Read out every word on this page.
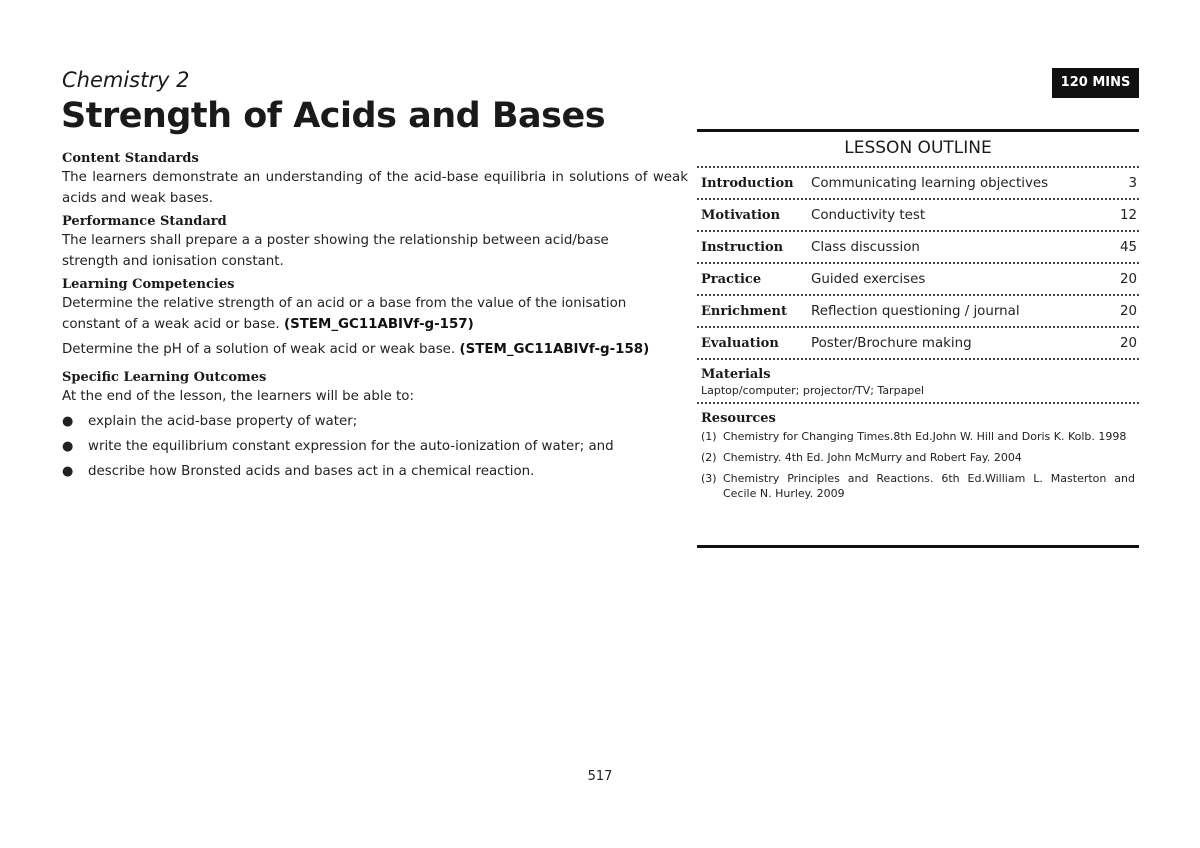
Chemistry 2
Strength of Acids and Bases
120 MINS

Content Standards

The learners demonstrate an understanding of the acid-base equilibria in solutions of weak acids and weak bases.

Performance Standard

The learners shall prepare a a poster showing the relationship between acid/base strength and ionisation constant.

Learning Competencies

Determine the relative strength of an acid or a base from the value of the ionisation constant of a weak acid or base. (STEM_GC11ABIVf-g-157)

Determine the pH of a solution of weak acid or weak base. (STEM_GC11ABIVf-g-158)

Specific Learning Outcomes

At the end of the lesson, the learners will be able to:

● explain the acid-base property of water;
● write the equilibrium constant expression for the auto-ionization of water; and
● describe how Bronsted acids and bases act in a chemical reaction.
LESSON OUTLINE
Introduction	Communicating learning objectives	3
Motivation	Conductivity test	12
Instruction	Class discussion	45
Practice	Guided exercises	20
Enrichment	Reflection questioning / journal	20
Evaluation	Poster/Brochure making	20

Materials

Laptop/computer; projector/TV; Tarpapel

Resources

(1) Chemistry for Changing Times.8th Ed.John W. Hill and Doris K. Kolb. 1998
(2) Chemistry. 4th Ed. John McMurry and Robert Fay. 2004
(3) Chemistry Principles and Reactions. 6th Ed.William L. Masterton and Cecile N. Hurley. 2009
517
